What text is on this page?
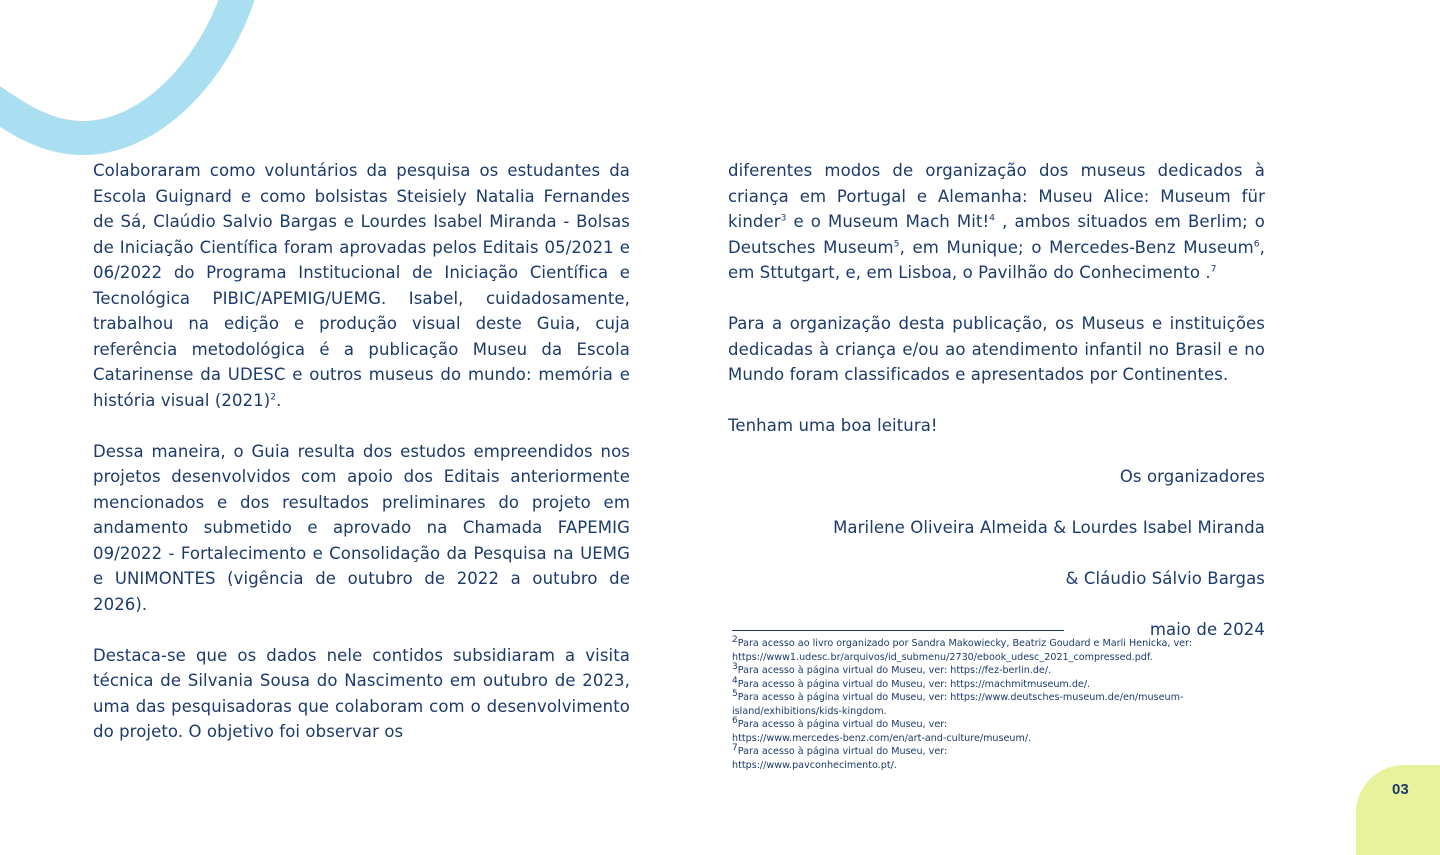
Colaboraram como voluntários da pesquisa os estudantes da Escola Guignard e como bolsistas Steisiely Natalia Fernandes de Sá, Claúdio Salvio Bargas e Lourdes Isabel Miranda - Bolsas de Iniciação Científica foram aprovadas pelos Editais 05/2021 e 06/2022 do Programa Institucional de Iniciação Científica e Tecnológica PIBIC/APEMIG/UEMG. Isabel, cuidadosamente, trabalhou na edição e produção visual deste Guia, cuja referência metodológica é a publicação Museu da Escola Catarinense da UDESC e outros museus do mundo: memória e história visual $(2021)^2$.

Dessa maneira, o Guia resulta dos estudos empreendidos nos projetos desenvolvidos com apoio dos Editais anteriormente mencionados e dos resultados preliminares do projeto em andamento submetido e aprovado na Chamada FAPEMIG 09/2022 - Fortalecimento e Consolidação da Pesquisa na UEMG e UNIMONTES (vigência de outubro de 2022 a outubro de 2026).

Destaca-se que os dados nele contidos subsidiaram a visita técnica de Silvania Sousa do Nascimento em outubro de 2023, uma das pesquisadoras que colaboram com o desenvolvimento do projeto. O objetivo foi observar os

diferentes modos de organização dos museus dedicados à criança em Portugal e Alemanha: Museu Alice: Museum für kinder$^3$ e o Museum Mach Mit!$^4$ , ambos situados em Berlim; o Deutsches Museum$^5$, em Munique; o Mercedes-Benz Museum$^6$, em Sttutgart, e, em Lisboa, o Pavilhão do Conhecimento .$^7$

Para a organização desta publicação, os Museus e instituições dedicadas à criança e/ou ao atendimento infantil no Brasil e no Mundo foram classificados e apresentados por Continentes.

Tenham uma boa leitura!

Os organizadores

Marilene Oliveira Almeida & Lourdes Isabel Miranda

& Cláudio Sálvio Bargas

maio de 2024

$^2$Para acesso ao livro organizado por Sandra Makowiecky, Beatriz Goudard e Marli Henicka, ver:
https://www1.udesc.br/arquivos/id_submenu/2730/ebook_udesc_2021_compressed.pdf.
$^3$Para acesso à página virtual do Museu, ver: https://fez-berlin.de/.
$^4$Para acesso à página virtual do Museu, ver: https://machmitmuseum.de/.
$^5$Para acesso à página virtual do Museu, ver: https://www.deutsches-museum.de/en/museum-
island/exhibitions/kids-kingdom.
$^6$Para acesso à página virtual do Museu, ver:
https://www.mercedes-benz.com/en/art-and-culture/museum/.
$^7$Para acesso à página virtual do Museu, ver:
https://www.pavconhecimento.pt/.
03
